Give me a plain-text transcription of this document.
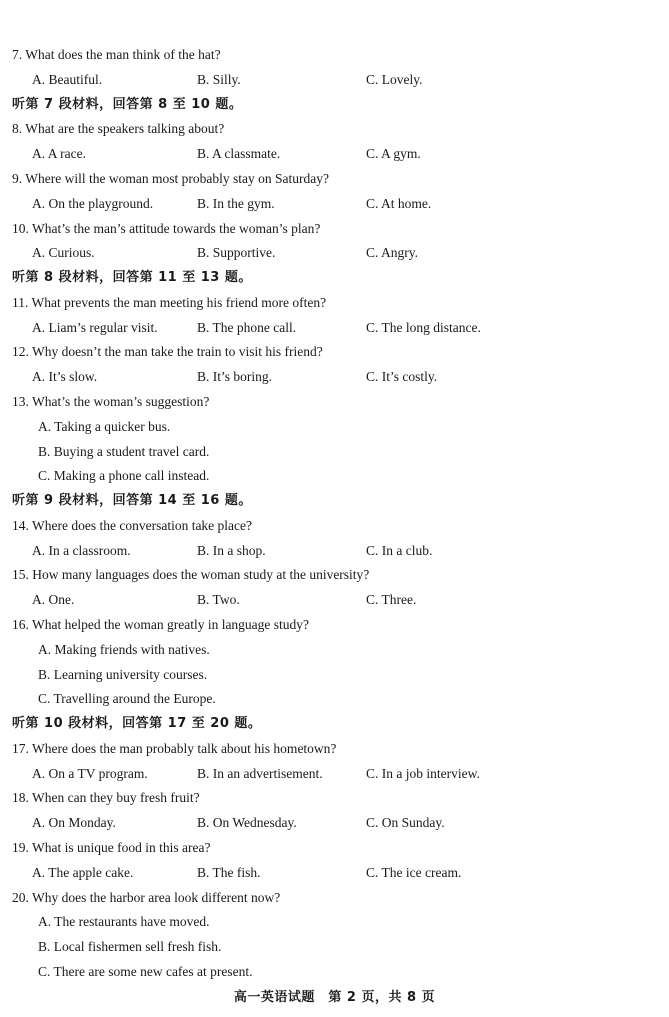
7. What does the man think of the hat?
A. Beautiful.	B. Silly.	C. Lovely.
听第 7 段材料，回答第 8 至 10 题。
8. What are the speakers talking about?
A. A race.	B. A classmate.	C. A gym.
9. Where will the woman most probably stay on Saturday?
A. On the playground.	B. In the gym.	C. At home.
10. What’s the man’s attitude towards the woman’s plan?
A. Curious.	B. Supportive.	C. Angry.
听第 8 段材料，回答第 11 至 13 题。
11. What prevents the man meeting his friend more often?
A. Liam’s regular visit.	B. The phone call.	C. The long distance.
12. Why doesn’t the man take the train to visit his friend?
A. It’s slow.	B. It’s boring.	C. It’s costly.
13. What’s the woman’s suggestion?
A. Taking a quicker bus.
B. Buying a student travel card.
C. Making a phone call instead.
听第 9 段材料，回答第 14 至 16 题。
14. Where does the conversation take place?
A. In a classroom.	B. In a shop.	C. In a club.
15. How many languages does the woman study at the university?
A. One.	B. Two.	C. Three.
16. What helped the woman greatly in language study?
A. Making friends with natives.
B. Learning university courses.
C. Travelling around the Europe.
听第 10 段材料，回答第 17 至 20 题。
17. Where does the man probably talk about his hometown?
A. On a TV program.	B. In an advertisement.	C. In a job interview.
18. When can they buy fresh fruit?
A. On Monday.	B. On Wednesday.	C. On Sunday.
19. What is unique food in this area?
A. The apple cake.	B. The fish.	C. The ice cream.
20. Why does the harbor area look different now?
A. The restaurants have moved.
B. Local fishermen sell fresh fish.
C. There are some new cafes at present.
高一英语试题　第 2 页，共 8 页
